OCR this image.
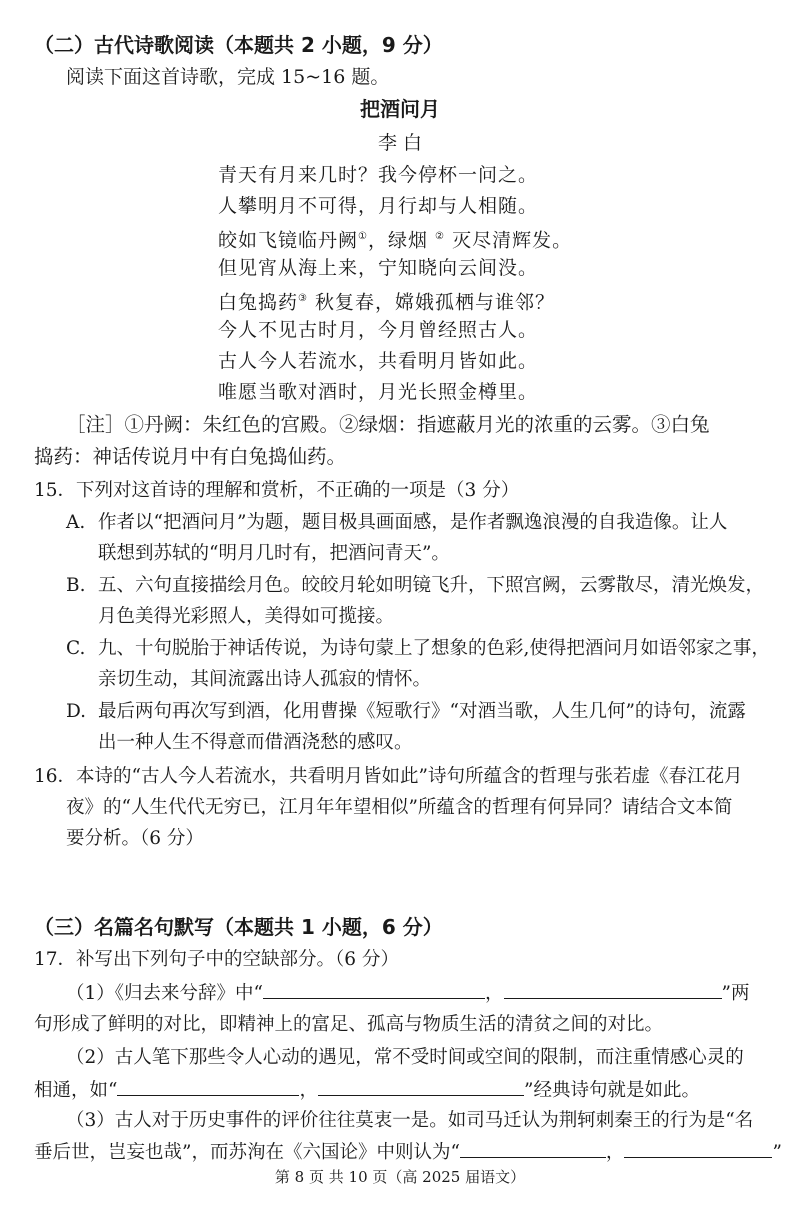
（二）古代诗歌阅读（本题共 2 小题，9 分）
阅读下面这首诗歌，完成 15~16 题。
把酒问月
李 白
青天有月来几时？我今停杯一问之。
人攀明月不可得，月行却与人相随。
皎如飞镜临丹阙①，绿烟 ② 灭尽清辉发。
但见宵从海上来，宁知晓向云间没。
白兔捣药③ 秋复春，嫦娥孤栖与谁邻？
今人不见古时月，今月曾经照古人。
古人今人若流水，共看明月皆如此。
唯愿当歌对酒时，月光长照金樽里。
［注］①丹阙：朱红色的宫殿。②绿烟：指遮蔽月光的浓重的云雾。③白兔
捣药：神话传说月中有白兔捣仙药。
15．下列对这首诗的理解和赏析，不正确的一项是（3 分）
A. 作者以“把酒问月”为题，题目极具画面感，是作者飘逸浪漫的自我造像。让人
联想到苏轼的“明月几时有，把酒问青天”。
B. 五、六句直接描绘月色。皎皎月轮如明镜飞升，下照宫阙，云雾散尽，清光焕发，
月色美得光彩照人，美得如可揽接。
C. 九、十句脱胎于神话传说，为诗句蒙上了想象的色彩,使得把酒问月如语邻家之事，
亲切生动，其间流露出诗人孤寂的情怀。
D. 最后两句再次写到酒，化用曹操《短歌行》“对酒当歌，人生几何”的诗句，流露
出一种人生不得意而借酒浇愁的感叹。
16．本诗的“古人今人若流水，共看明月皆如此”诗句所蕴含的哲理与张若虚《春江花月
夜》的“人生代代无穷已，江月年年望相似”所蕴含的哲理有何异同？请结合文本简
要分析。（6 分）
（三）名篇名句默写（本题共 1 小题，6 分）
17．补写出下列句子中的空缺部分。（6 分）
（1）《归去来兮辞》中“	，	”两
句形成了鲜明的对比，即精神上的富足、孤高与物质生活的清贫之间的对比。
（2）古人笔下那些令人心动的遇见，常不受时间或空间的限制，而注重情感心灵的
相通，如“	，	”经典诗句就是如此。
（3）古人对于历史事件的评价往往莫衷一是。如司马迁认为荆轲刺秦王的行为是“名
垂后世，岂妄也哉”，而苏洵在《六国论》中则认为“	，	”
第 8 页 共 10 页（高 2025 届语文）
